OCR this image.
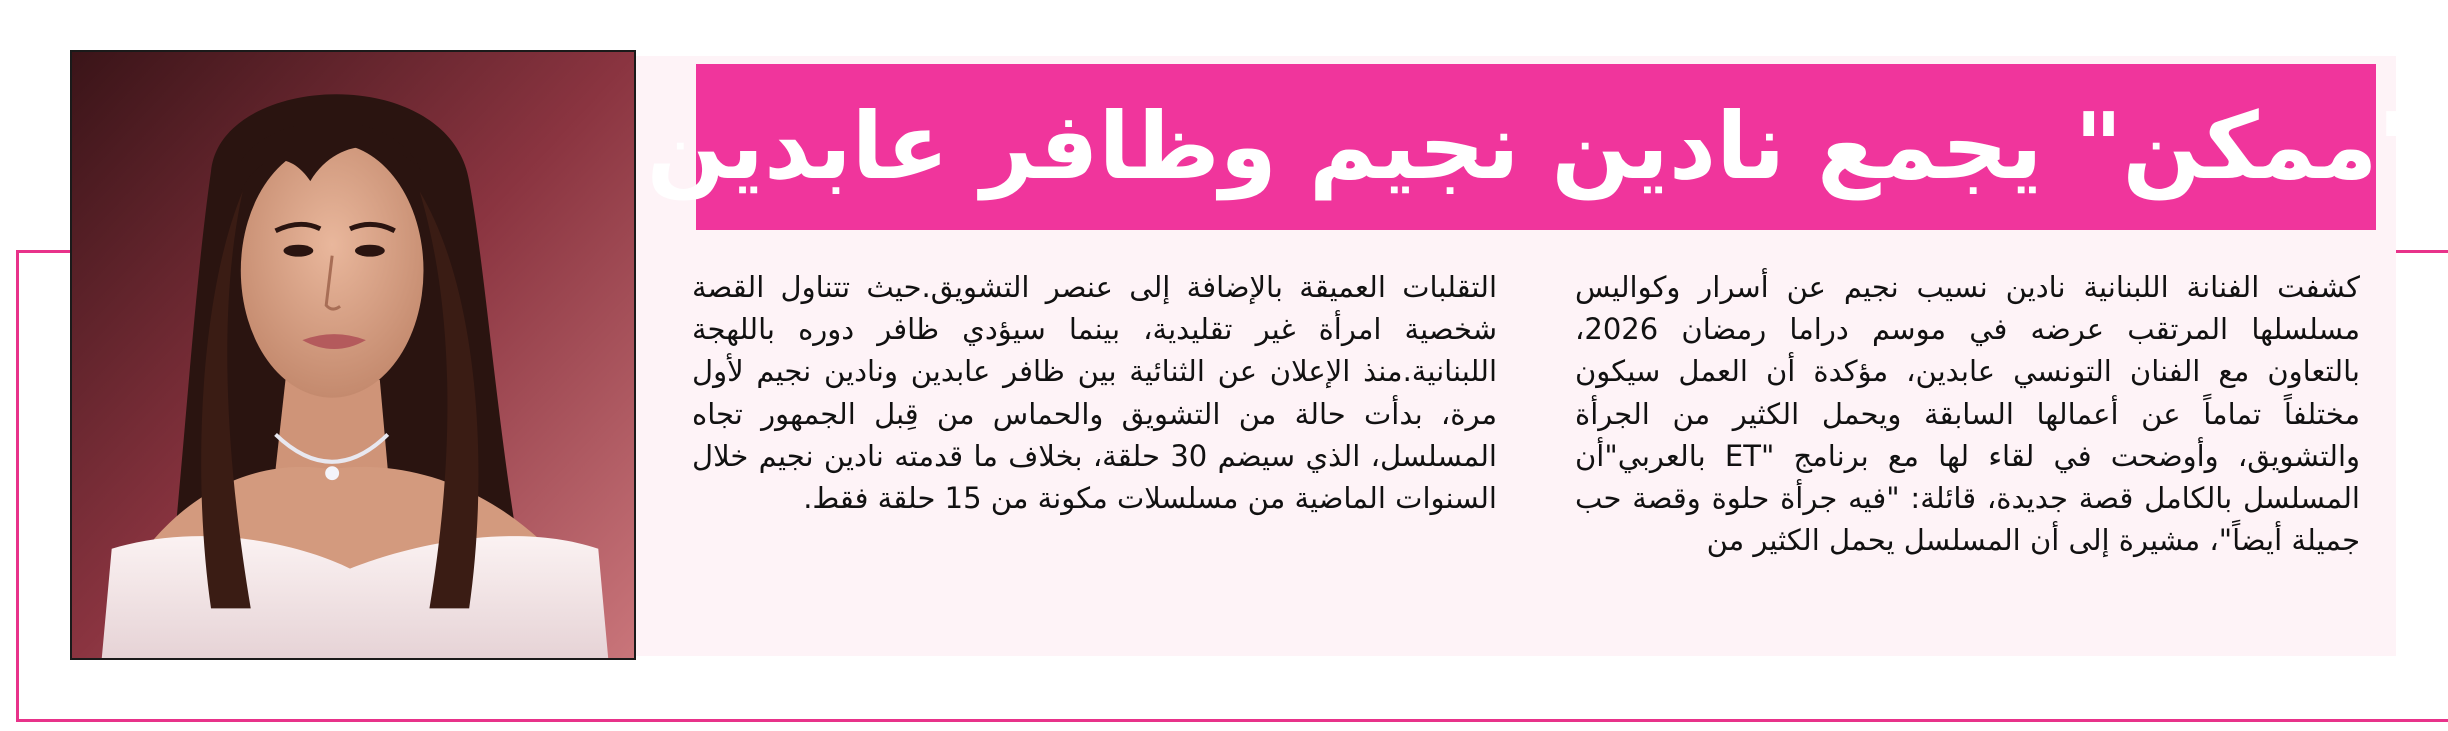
"ممكن" يجمع نادين نجيم وظافر عابدين
كشفت الفنانة اللبنانية نادين نسيب نجيم عن أسرار وكواليس مسلسلها المرتقب عرضه في موسم دراما رمضان 2026، بالتعاون مع الفنان التونسي عابدين، مؤكدة أن العمل سيكون مختلفاً تماماً عن أعمالها السابقة ويحمل الكثير من الجرأة والتشويق، وأوضحت في لقاء لها مع برنامج "ET بالعربي"أن المسلسل بالكامل قصة جديدة، قائلة: "فيه جرأة حلوة وقصة حب جميلة أيضاً"، مشيرة إلى أن المسلسل يحمل الكثير من
التقلبات العميقة بالإضافة إلى عنصر التشويق.حيث تتناول القصة شخصية امرأة غير تقليدية، بينما سيؤدي ظافر دوره باللهجة اللبنانية.منذ الإعلان عن الثنائية بين ظافر عابدين ونادين نجيم لأول مرة، بدأت حالة من التشويق والحماس من قِبل الجمهور تجاه المسلسل، الذي سيضم 30 حلقة، بخلاف ما قدمته نادين نجيم خلال السنوات الماضية من مسلسلات مكونة من 15 حلقة فقط.
